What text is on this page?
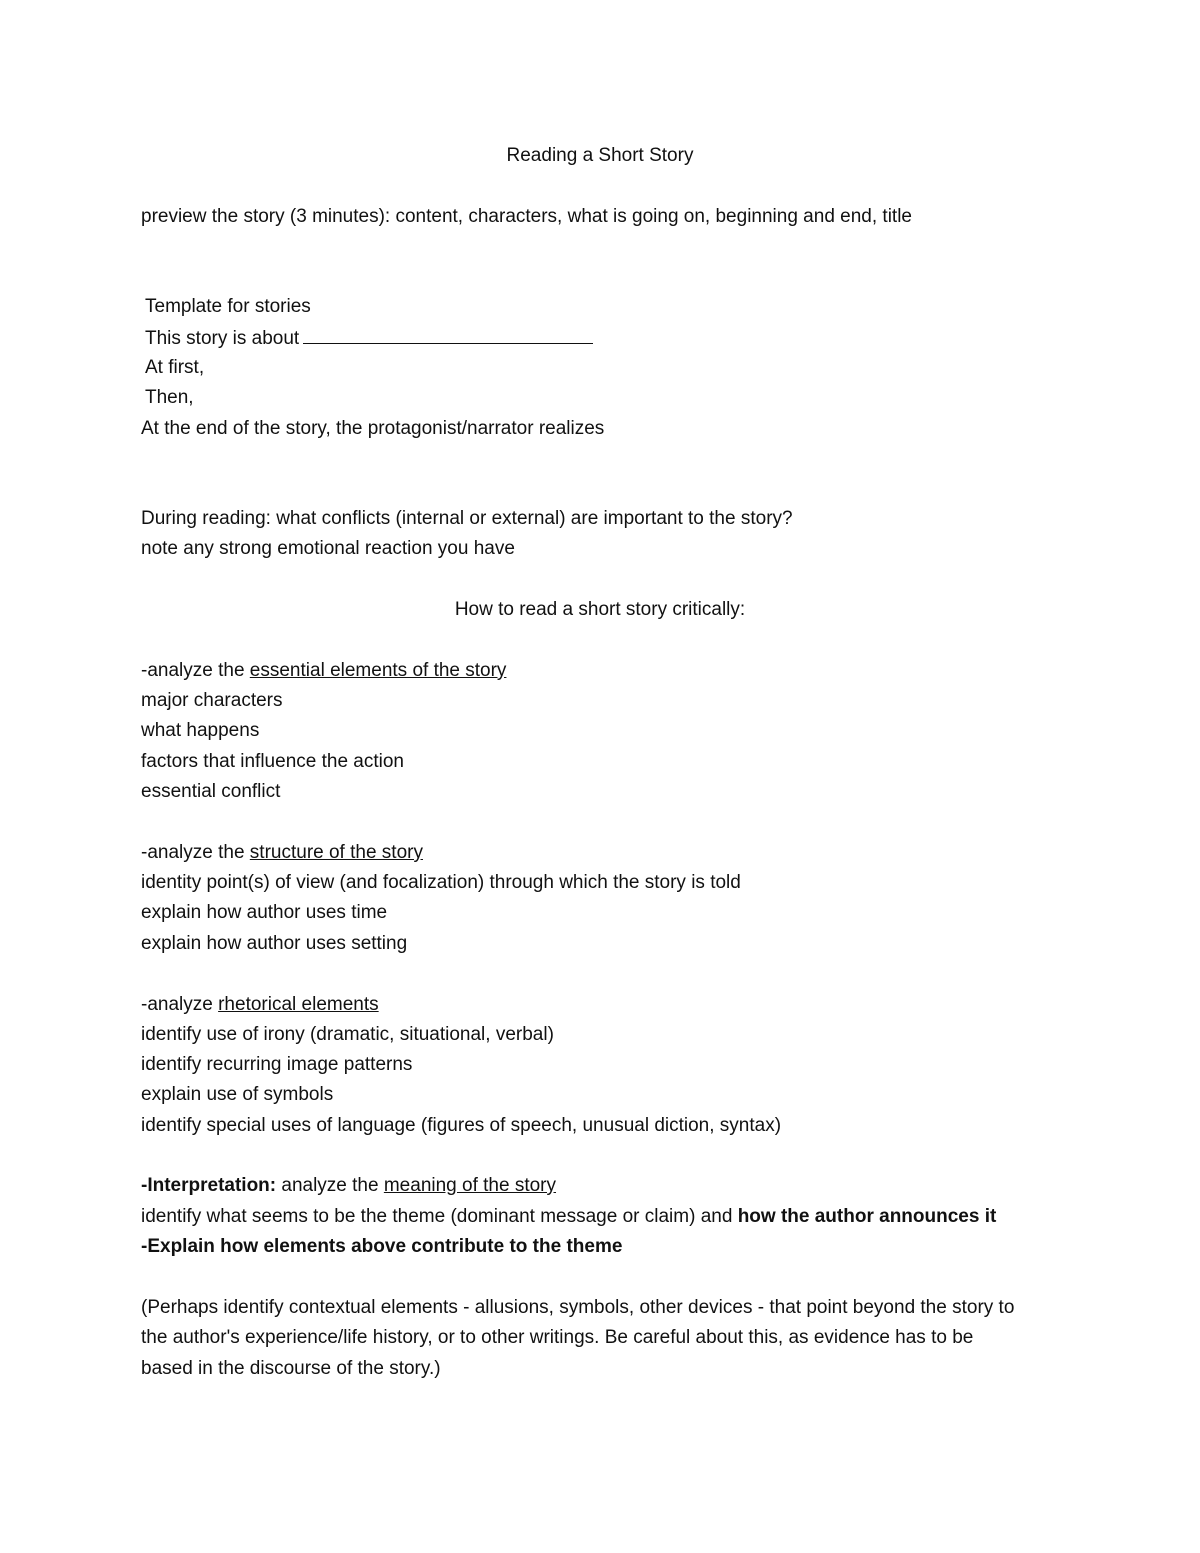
Reading a Short Story
preview the story (3 minutes): content, characters, what is going on, beginning and end, title
Template for stories
This story is about
At first,
Then,
At the end of the story, the protagonist/narrator realizes
During reading: what conflicts (internal or external) are important to the story?
note any strong emotional reaction you have
How to read a short story critically:
-analyze the essential elements of the story
major characters
what happens
factors that influence the action
essential conflict
-analyze the structure of the story
identity point(s) of view (and focalization) through which the story is told
explain how author uses time
explain how author uses setting
-analyze rhetorical elements
identify use of irony (dramatic, situational, verbal)
identify recurring image patterns
explain use of symbols
identify special uses of language (figures of speech, unusual diction, syntax)
-Interpretation: analyze the meaning of the story
identify what seems to be the theme (dominant message or claim) and how the author announces it
-Explain how elements above contribute to the theme
(Perhaps identify contextual elements - allusions, symbols, other devices - that point beyond the story to
the author's experience/life history, or to other writings. Be careful about this, as evidence has to be
based in the discourse of the story.)
